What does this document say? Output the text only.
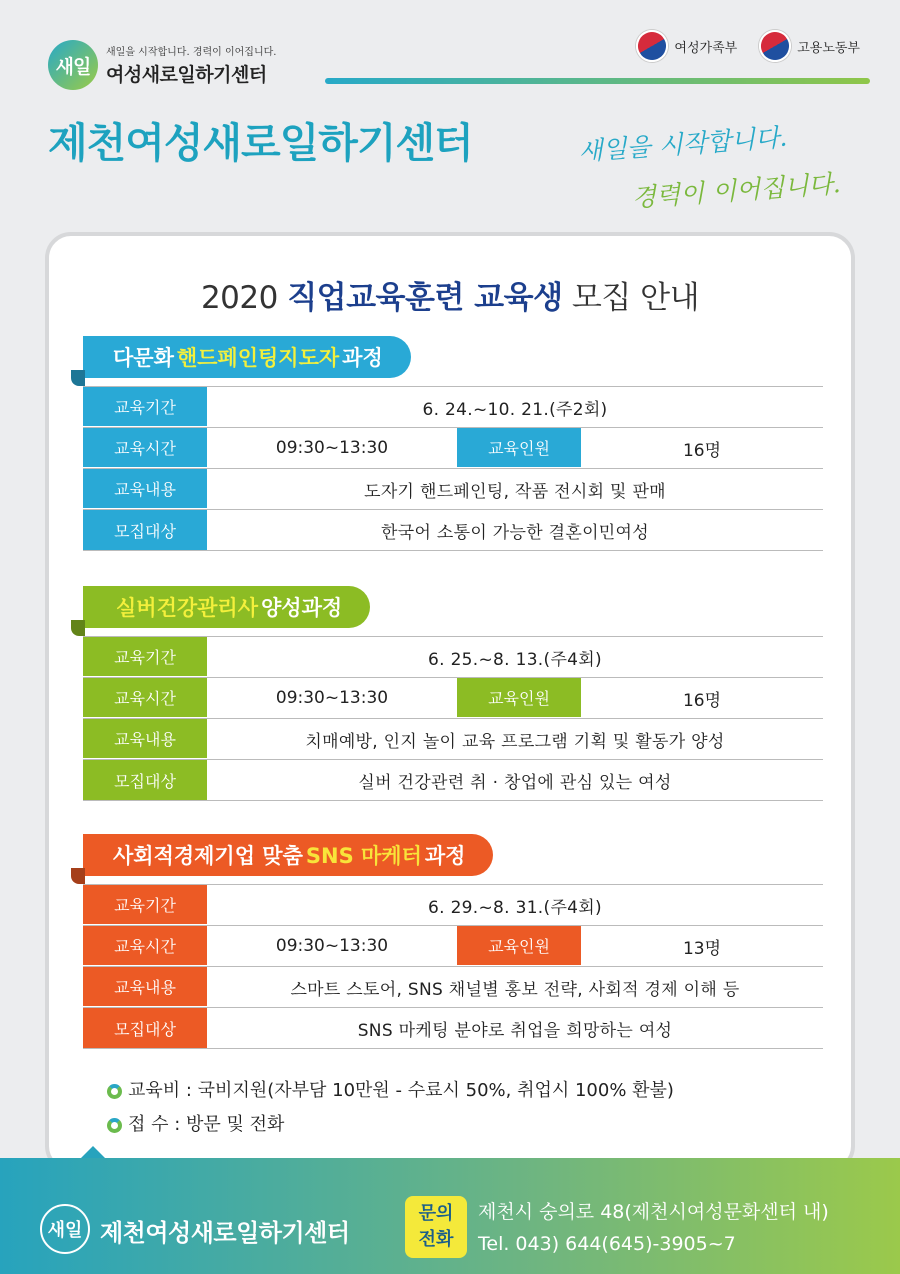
새일
새일을 시작합니다. 경력이 이어집니다.
여성새로일하기센터
여성가족부	고용노동부
제천여성새로일하기센터	새일을 시작합니다.
경력이 이어집니다.
2020 직업교육훈련 교육생 모집 안내
다문화 핸드페인팅지도자 과정
교육기간	6. 24.~10. 21.(주2회)
교육시간	09:30~13:30	교육인원	16명
교육내용	도자기 핸드페인팅, 작품 전시회 및 판매
모집대상	한국어 소통이 가능한 결혼이민여성
실버건강관리사 양성과정
교육기간	6. 25.~8. 13.(주4회)
교육시간	09:30~13:30	교육인원	16명
교육내용	치매예방, 인지 놀이 교육 프로그램 기획 및 활동가 양성
모집대상	실버 건강관련 취 · 창업에 관심 있는 여성
사회적경제기업 맞춤 SNS 마케터 과정
교육기간	6. 29.~8. 31.(주4회)
교육시간	09:30~13:30	교육인원	13명
교육내용	스마트 스토어, SNS 채널별 홍보 전략, 사회적 경제 이해 등
모집대상	SNS 마케팅 분야로 취업을 희망하는 여성
교육비 : 국비지원(자부담 10만원 - 수료시 50%, 취업시 100% 환불)
접 수 : 방문 및 전화
새일 제천여성새로일하기센터
문의
전화
제천시 숭의로 48(제천시여성문화센터 내)
Tel. 043) 644(645)-3905~7
